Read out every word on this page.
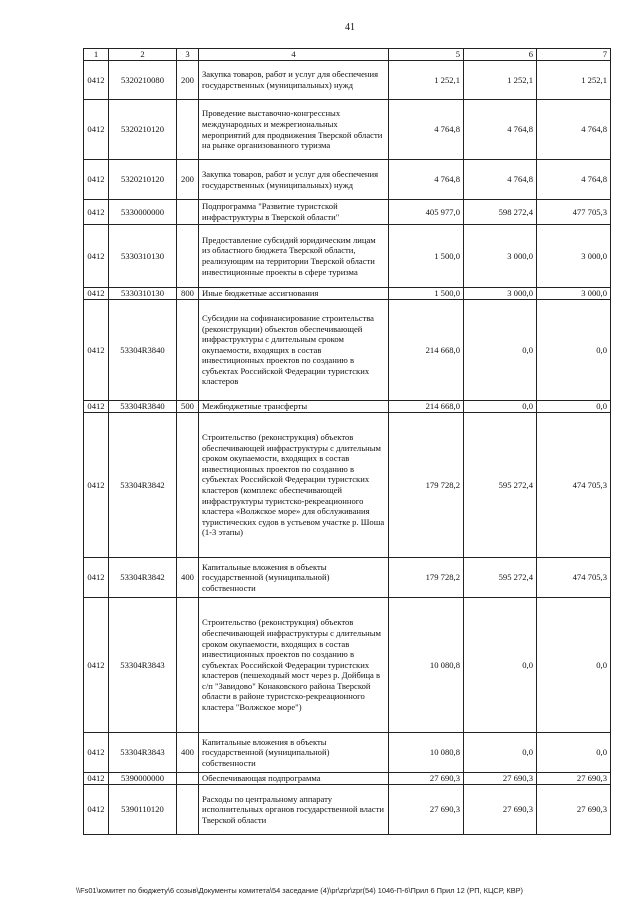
41
1	2	3	4	5	6	7
0412	5320210080	200	Закупка товаров, работ и услуг для обеспечения государственных (муниципальных) нужд	1 252,1	1 252,1	1 252,1
0412	5320210120		Проведение выставочно-конгрессных международных и межрегиональных мероприятий для продвижения Тверской области на рынке организованного туризма	4 764,8	4 764,8	4 764,8
0412	5320210120	200	Закупка товаров, работ и услуг для обеспечения государственных (муниципальных) нужд	4 764,8	4 764,8	4 764,8
0412	5330000000		Подпрограмма "Развитие туристской инфраструктуры в Тверской области"	405 977,0	598 272,4	477 705,3
0412	5330310130		Предоставление субсидий юридическим лицам из областного бюджета Тверской области, реализующим на территории Тверской области инвестиционные проекты в сфере туризма	1 500,0	3 000,0	3 000,0
0412	5330310130	800	Иные бюджетные ассигнования	1 500,0	3 000,0	3 000,0
0412	53304R3840		Субсидии на софинансирование строительства (реконструкции) объектов обеспечивающей инфраструктуры с длительным сроком окупаемости, входящих в состав инвестиционных проектов по созданию в субъектах Российской Федерации туристских кластеров	214 668,0	0,0	0,0
0412	53304R3840	500	Межбюджетные трансферты	214 668,0	0,0	0,0
0412	53304R3842		Строительство (реконструкция) объектов обеспечивающей инфраструктуры с длительным сроком окупаемости, входящих в состав инвестиционных проектов по созданию в субъектах Российской Федерации туристских кластеров (комплекс обеспечивающей инфраструктуры туристско-рекреационного кластера «Волжское море» для обслуживания туристических судов в устьевом участке р. Шоша (1-3 этапы)	179 728,2	595 272,4	474 705,3
0412	53304R3842	400	Капитальные вложения в объекты государственной (муниципальной) собственности	179 728,2	595 272,4	474 705,3
0412	53304R3843		Строительство (реконструкция) объектов обеспечивающей инфраструктуры с длительным сроком окупаемости, входящих в состав инвестиционных проектов по созданию в субъектах Российской Федерации туристских кластеров (пешеходный мост через р. Дойбица в с/п "Завидово" Конаковского района Тверской области в районе туристско-рекреационного кластера "Волжское море")	10 080,8	0,0	0,0
0412	53304R3843	400	Капитальные вложения в объекты государственной (муниципальной) собственности	10 080,8	0,0	0,0
0412	5390000000		Обеспечивающая подпрограмма	27 690,3	27 690,3	27 690,3
0412	5390110120		Расходы по центральному аппарату исполнительных органов государственной власти Тверской области	27 690,3	27 690,3	27 690,3
\\Fs01\комитет по бюджету\6 созыв\Документы комитета\54 заседание (4)\pr\zpr\zpr(54) 1046-П-6\Прил 6 Прил 12 (РП, КЦСР, КВР)
